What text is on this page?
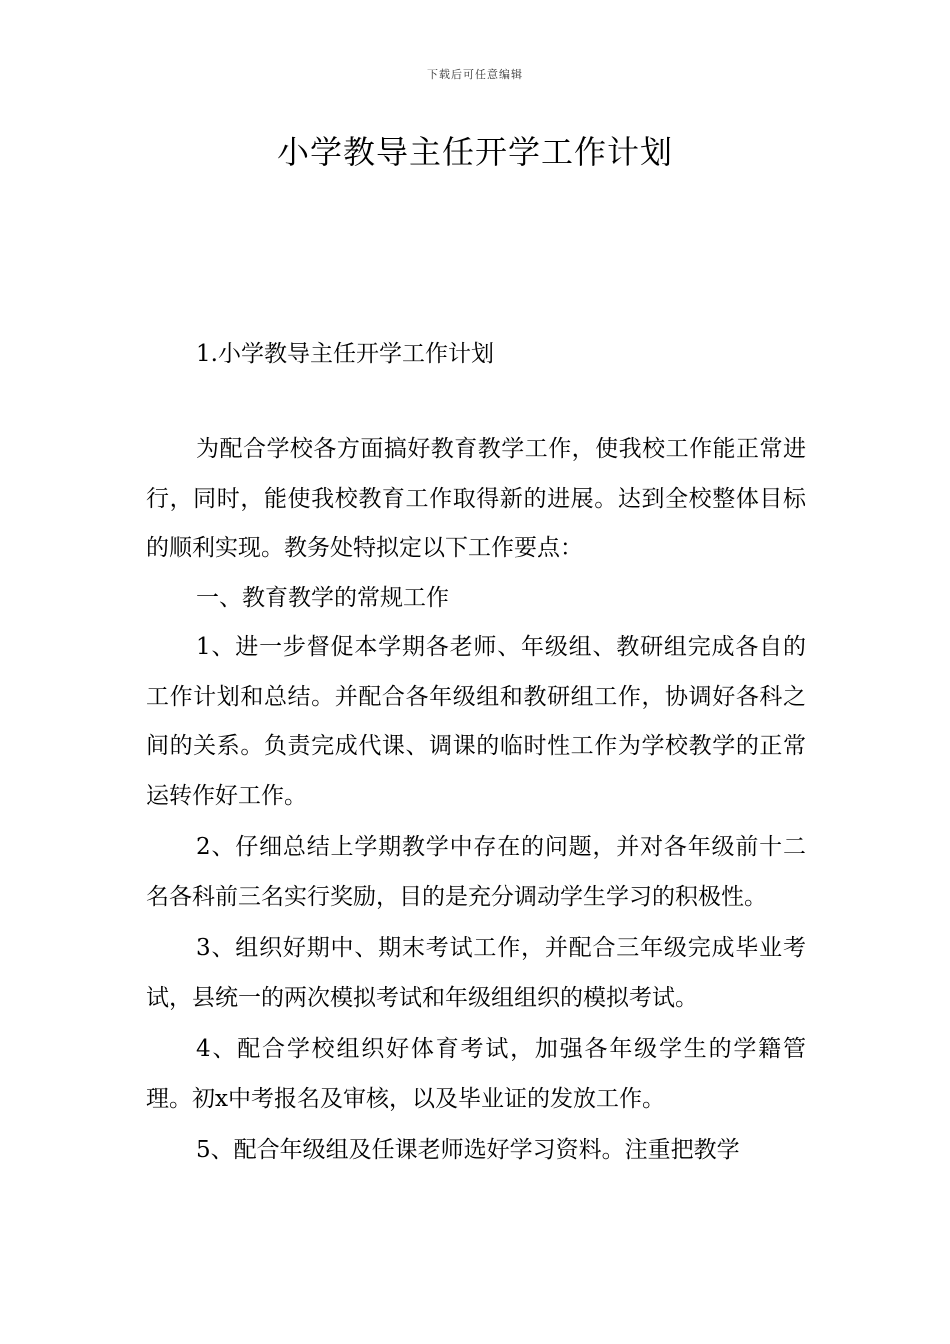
下载后可任意编辑
小学教导主任开学工作计划

1.小学教导主任开学工作计划

为配合学校各方面搞好教育教学工作，使我校工作能正常进行，同时，能使我校教育工作取得新的进展。达到全校整体目标的顺利实现。教务处特拟定以下工作要点：

一、教育教学的常规工作

1、进一步督促本学期各老师、年级组、教研组完成各自的工作计划和总结。并配合各年级组和教研组工作，协调好各科之间的关系。负责完成代课、调课的临时性工作为学校教学的正常运转作好工作。

2、仔细总结上学期教学中存在的问题，并对各年级前十二名各科前三名实行奖励，目的是充分调动学生学习的积极性。

3、组织好期中、期末考试工作，并配合三年级完成毕业考试，县统一的两次模拟考试和年级组组织的模拟考试。

4、配合学校组织好体育考试，加强各年级学生的学籍管理。初x中考报名及审核，以及毕业证的发放工作。

5、配合年级组及任课老师选好学习资料。注重把教学
